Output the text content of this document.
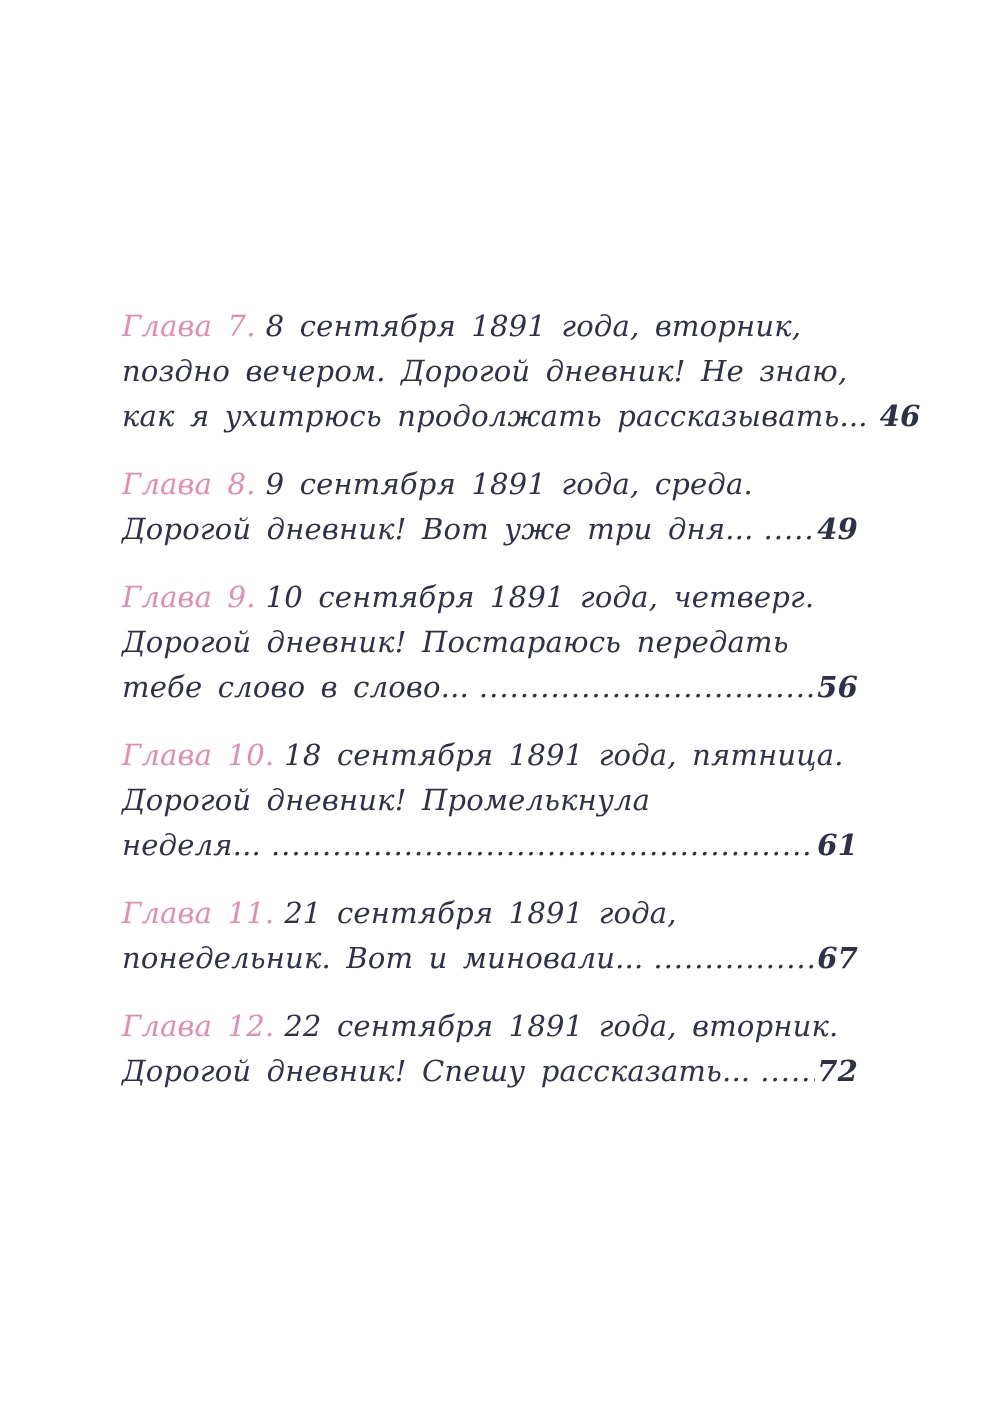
Глава 7. 8 сентября 1891 года, вторник,
поздно вечером. Дорогой дневник! Не знаю,
как я ухитрюсь продолжать рассказывать... 46
Глава 8. 9 сентября 1891 года, среда.
Дорогой дневник! Вот уже три дня... ..... 49
Глава 9. 10 сентября 1891 года, четверг.
Дорогой дневник! Постараюсь передать
тебе слово в слово... .....	56
Глава 10. 18 сентября 1891 года, пятница.
Дорогой дневник! Промелькнула
неделя... .....	61
Глава 11. 21 сентября 1891 года,
понедельник. Вот и миновали... .....	67
Глава 12. 22 сентября 1891 года, вторник.
Дорогой дневник! Спешу рассказать... ..... 72
